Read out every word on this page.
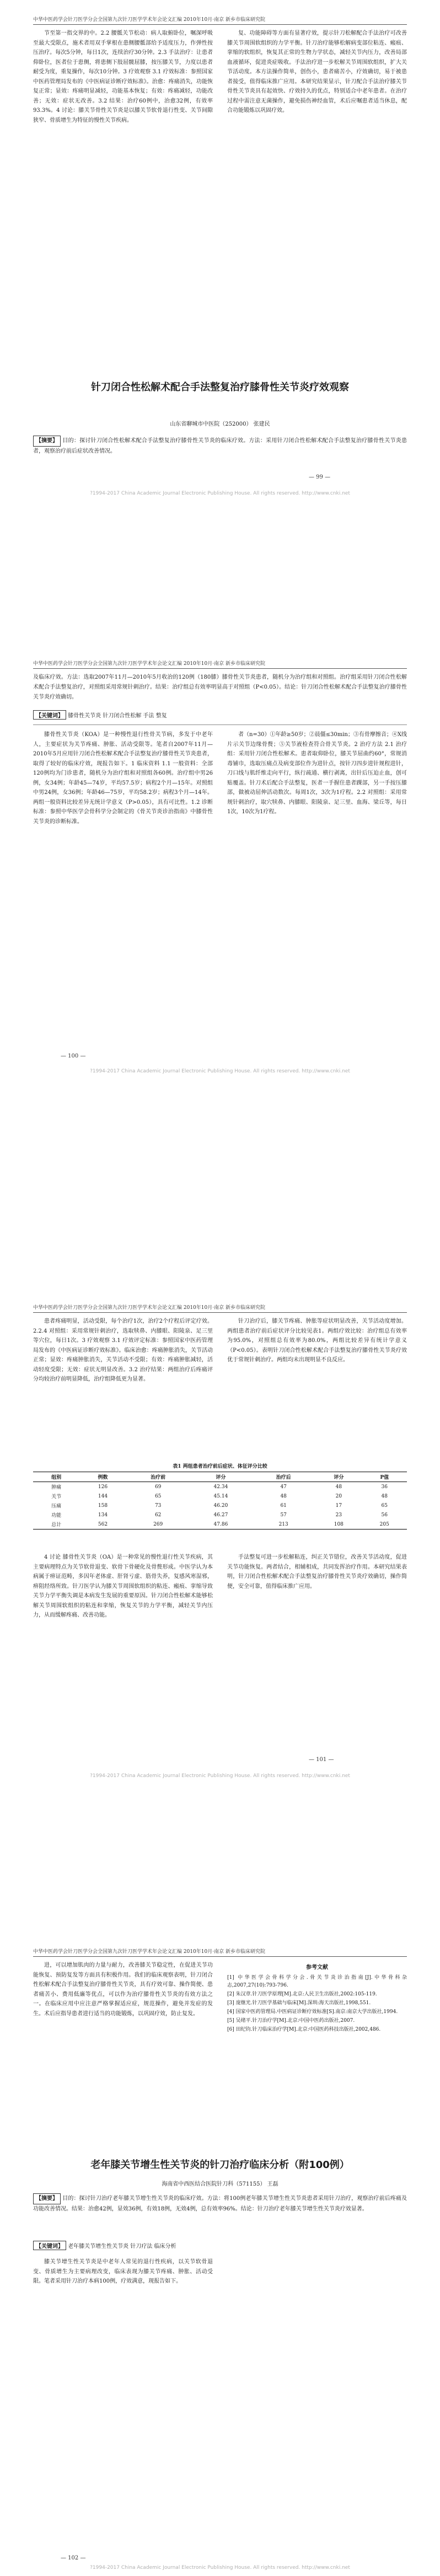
中华中医药学会针刀医学分会全国第九次针刀医学学术年会论文汇编 2010年10月·南京 新乡市临床研究院

节至第一指交界的中。2.2 腰骶关节松动：病人取俯卧位，嘱深呼吸至最大受限点，施术者用双手掌根在患侧腰骶部给予适度压力，作弹性按压治疗。每次5分钟，每日1次，连续治疗30分钟。2.3 手法治疗：让患者仰卧位，医者位于患侧，将患侧下肢屈髋屈膝，按压膝关节，力度以患者耐受为度，重复操作，每次10分钟。3 疗效观察 3.1 疗效标准：参照国家中医药管理局发布的《中医病证诊断疗效标准》。治愈：疼痛消失，功能恢复正常；显效：疼痛明显减轻，功能基本恢复；有效：疼痛减轻，功能改善；无效：症状无改善。3.2 结果：治疗60例中，治愈32例，有效率93.3%。4 讨论：膝关节骨性关节炎是以膝关节软骨退行性变、关节间隙狭窄、骨质增生为特征的慢性关节疾病。

复、功能障碍等方面有显著疗效，提示针刀松解配合手法治疗可改善膝关节周围软组织的力学平衡。针刀治疗能够松解病变部位粘连、瘢痕、挛缩的软组织，恢复其正常的生物力学状态，减轻关节内压力，改善局部血液循环，促进炎症吸收。手法治疗进一步松解关节周围软组织，扩大关节活动度。本方法操作简单，创伤小，患者痛苦小，疗效确切，易于被患者接受，值得临床推广应用。本研究结果显示，针刀配合手法治疗膝关节骨性关节炎具有起效快、疗效持久的优点，特别适合中老年患者。在治疗过程中需注意无菌操作，避免损伤神经血管，术后应嘱患者适当休息，配合功能锻炼以巩固疗效。

针刀闭合性松解术配合手法整复治疗膝骨性关节炎疗效观察
山东省聊城市中医院（252000） 张建民
【摘要】 目的：探讨针刀闭合性松解术配合手法整复治疗膝骨性关节炎的临床疗效。方法：采用针刀闭合性松解术配合手法整复治疗膝骨性关节炎患者，观察治疗前后症状改善情况。
— 99 —
?1994-2017 China Academic Journal Electronic Publishing House. All rights reserved. http://www.cnki.net
中华中医药学会针刀医学分会全国第九次针刀医学学术年会论文汇编 2010年10月·南京 新乡市临床研究院
及临床疗效。方法：选取2007年11月—2010年5月收治的120例（180膝）膝骨性关节炎患者，随机分为治疗组和对照组。治疗组采用针刀闭合性松解术配合手法整复治疗，对照组采用常规针刺治疗。结果：治疗组总有效率明显高于对照组（P<0.05）。结论：针刀闭合性松解术配合手法整复治疗膝骨性关节炎疗效确切。
【关键词】 膝骨性关节炎 针刀闭合性松解 手法 整复

膝骨性关节炎（KOA）是一种慢性退行性骨关节病，多发于中老年人，主要症状为关节疼痛、肿胀、活动受限等。笔者自2007年11月—2010年5月应用针刀闭合性松解术配合手法整复治疗膝骨性关节炎患者，取得了较好的临床疗效，现报告如下。1 临床资料 1.1 一般资料：全部120例均为门诊患者，随机分为治疗组和对照组各60例。治疗组中男26例，女34例；年龄45—74岁，平均57.5岁；病程2个月—15年。对照组中男24例，女36例；年龄46—75岁，平均58.2岁；病程3个月—14年。两组一般资料比较差异无统计学意义（P>0.05），具有可比性。1.2 诊断标准：参照中华医学会骨科学分会制定的《骨关节炎诊治指南》中膝骨性关节炎的诊断标准。

者（n=30）①年龄≥50岁；②晨僵≤30min；③有骨摩擦音；④X线片示关节边缘骨赘；⑤关节液检查符合骨关节炎。2 治疗方法 2.1 治疗组：采用针刀闭合性松解术。患者取仰卧位，膝关节屈曲约60°，常规消毒铺巾，选取压痛点及病变部位作为进针点，按针刀四步进针规程进针，刀口线与肌纤维走向平行，纵行疏通、横行剥离，出针后压迫止血，创可贴覆盖。针刀术后配合手法整复，医者一手握住患者踝部，另一手按压膝部，做被动屈伸活动数次。每周1次，3次为1疗程。2.2 对照组：采用常规针刺治疗，取穴犊鼻、内膝眼、阳陵泉、足三里、血海、梁丘等，每日1次，10次为1疗程。

— 100 —
?1994-2017 China Academic Journal Electronic Publishing House. All rights reserved. http://www.cnki.net
中华中医药学会针刀医学分会全国第九次针刀医学学术年会论文汇编 2010年10月·南京 新乡市临床研究院

患者疼痛明显，活动受限，每个治疗1次，治疗2个疗程后评定疗效。2.2.4 对照组：采用常规针刺治疗，选取犊鼻、内膝眼、阳陵泉、足三里等穴位，每日1次。3 疗效观察 3.1 疗效评定标准：参照国家中医药管理局发布的《中医病证诊断疗效标准》。临床治愈：疼痛肿胀消失，关节活动正常；显效：疼痛肿胀消失，关节活动不受限；有效：疼痛肿胀减轻，活动轻度受限；无效：症状无明显改善。3.2 治疗结果：两组治疗后疼痛评分均较治疗前明显降低，治疗组降低更为显著。

针刀治疗后，膝关节疼痛、肿胀等症状明显改善，关节活动度增加。两组患者治疗前后症状评分比较见表1。两组疗效比较：治疗组总有效率为95.0%，对照组总有效率为80.0%，两组比较差异有统计学意义（P<0.05）。表明针刀闭合性松解术配合手法整复治疗膝骨性关节炎疗效优于常规针刺治疗。两组均未出现明显不良反应。

表1 两组患者治疗前后症状、体征评分比较
组别	例数	治疗前	评分	治疗后	评分	P值
肿痛	126	69	42.34	47	48	36
关节	144	65	45.14	48	20	48
压痛	158	73	46.20	61	17	65
功能	134	62	46.27	57	23	56
总计	562	269	47.86	213	108	205

4 讨论 膝骨性关节炎（OA）是一种常见的慢性退行性关节疾病，其主要病理特点为关节软骨退变、软骨下骨硬化及骨赘形成。中医学认为本病属于痹证范畴，多因年老体虚、肝肾亏虚、筋骨失养，复感风寒湿邪，痹阻经络所致。针刀医学认为膝关节周围软组织的粘连、瘢痕、挛缩导致关节力学平衡失调是本病发生发展的重要原因。针刀闭合性松解术能够松解关节周围软组织的粘连和挛缩，恢复关节的力学平衡，减轻关节内压力，从而缓解疼痛、改善功能。

手法整复可进一步松解粘连，纠正关节错位，改善关节活动度，促进关节功能恢复。两者结合，相辅相成，共同发挥治疗作用。本研究结果表明，针刀闭合性松解术配合手法整复治疗膝骨性关节炎疗效确切，操作简便，安全可靠，值得临床推广应用。

— 101 —
?1994-2017 China Academic Journal Electronic Publishing House. All rights reserved. http://www.cnki.net
中华中医药学会针刀医学分会全国第九次针刀医学学术年会论文汇编 2010年10月·南京 新乡市临床研究院

进，可以增加肌肉的力量与耐力，改善膝关节稳定性，在促进关节功能恢复、预防复发等方面具有积极作用。我们的临床观察表明，针刀闭合性松解术配合手法整复治疗膝骨性关节炎，具有疗效可靠、操作简便、患者痛苦小、费用低廉等优点，可以作为治疗膝骨性关节炎的有效方法之一。在临床应用中应注意严格掌握适应症，规范操作，避免并发症的发生。术后应指导患者进行适当的功能锻炼，以巩固疗效，防止复发。

参考文献
[1] 中华医学会骨科学分会.骨关节炎诊治指南[J].中华骨科杂志,2007,27(10):793-796.
[2] 朱汉章.针刀医学原理[M].北京:人民卫生出版社,2002:105-119.
[3] 庞继光.针刀医学基础与临床[M].深圳:海天出版社,1998,551.
[4] 国家中医药管理局.中医病证诊断疗效标准[S].南京:南京大学出版社,1994.
[5] 吴绪平.针刀治疗学[M].北京:中国中医药出版社,2007.
[6] 田纪钧.针刀临床治疗学[M].北京:中国医药科技出版社,2002,486.
老年膝关节增生性关节炎的针刀治疗临床分析（附100例）
海南省中西医结合医院针刀科（571155） 王磊
【摘要】 目的：探讨针刀治疗老年膝关节增生性关节炎的临床疗效。方法：将100例老年膝关节增生性关节炎患者采用针刀治疗，观察治疗前后疼痛及功能改善情况。结果：治愈42例，显效36例，有效18例，无效4例，总有效率96%。结论：针刀治疗老年膝关节增生性关节炎疗效显著。
【关键词】 老年膝关节增生性关节炎 针刀疗法 临床分析

膝关节增生性关节炎是中老年人常见的退行性疾病，以关节软骨退变、骨质增生为主要病理改变，临床表现为膝关节疼痛、肿胀、活动受限。笔者采用针刀治疗本病100例，疗效满意，现报告如下。

— 102 —
?1994-2017 China Academic Journal Electronic Publishing House. All rights reserved. http://www.cnki.net
